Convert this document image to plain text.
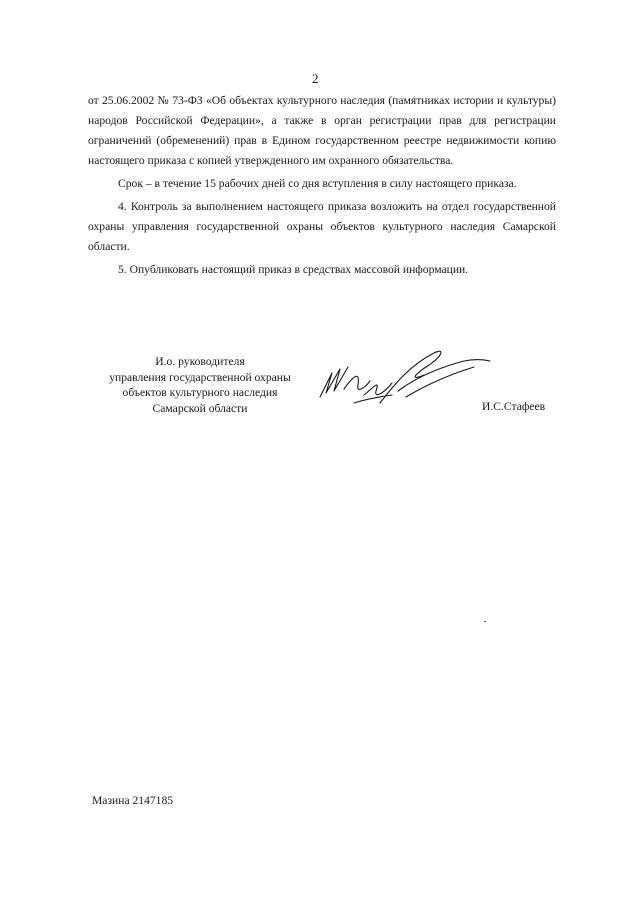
2

от 25.06.2002 № 73-ФЗ «Об объектах культурного наследия (памятниках истории и культуры) народов Российской Федерации», а также в орган регистрации прав для регистрации ограничений (обременений) прав в Едином государственном реестре недвижимости копию настоящего приказа с копией утвержденного им охранного обязательства.

Срок – в течение 15 рабочих дней со дня вступления в силу настоящего приказа.

4. Контроль за выполнением настоящего приказа возложить на отдел государственной охраны управления государственной охраны объектов культурного наследия Самарской области.

5. Опубликовать настоящий приказ в средствах массовой информации.

И.о. руководителя
управления государственной охраны
объектов культурного наследия
Самарской области	И.С.Стафеев
Мазина 2147185
